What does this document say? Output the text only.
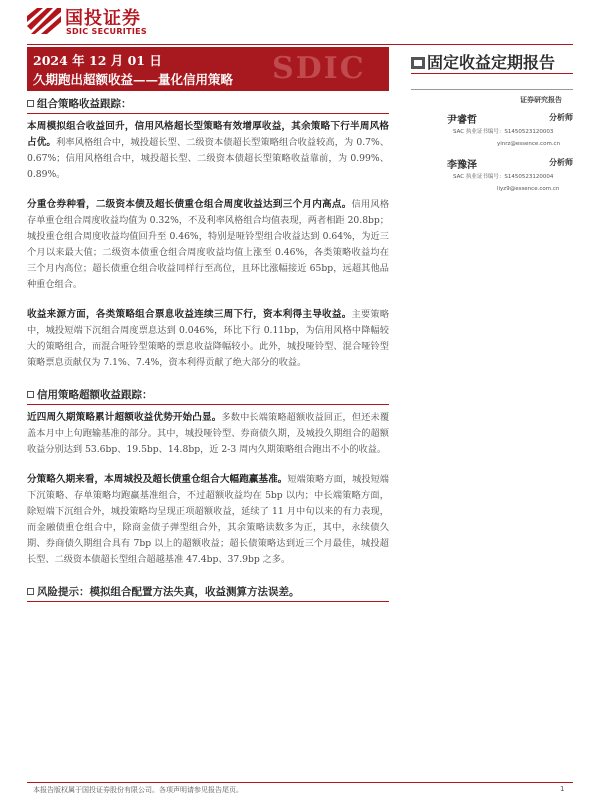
国投证券
SDIC SECURITIES
SDIC
2024 年 12 月 01 日
久期跑出超额收益——量化信用策略
固定收益定期报告
证券研究报告
尹睿哲	分析师
SAC 执业证书编号：S1450523120003
yinrz@essence.com.cn
李豫泽	分析师
SAC 执业证书编号：S1450523120004
liyz9@essence.com.cn
组合策略收益跟踪：

本周模拟组合收益回升，信用风格超长型策略有效增厚收益，其余策略下行半周风格占优。利率风格组合中，城投超长型、二级资本债超长型策略组合收益较高，为 0.7%、0.67%；信用风格组合中，城投超长型、二级资本债超长型策略收益靠前，为 0.99%、0.89%。

分重仓券种看，二级资本债及超长债重仓组合周度收益达到三个月内高点。信用风格存单重仓组合周度收益均值为 0.32%，不及利率风格组合均值表现，两者相距 20.8bp；城投重仓组合周度收益均值回升至 0.46%，特别是哑铃型组合收益达到 0.64%，为近三个月以来最大值；二级资本债重仓组合周度收益均值上涨至 0.46%，各类策略收益均在三个月内高位；超长债重仓组合收益同样行至高位，且环比涨幅接近 65bp，远超其他品种重仓组合。

收益来源方面，各类策略组合票息收益连续三周下行，资本利得主导收益。主要策略中，城投短端下沉组合周度票息达到 0.046%，环比下行 0.11bp，为信用风格中降幅较大的策略组合，而混合哑铃型策略的票息收益降幅较小。此外，城投哑铃型、混合哑铃型策略票息贡献仅为 7.1%、7.4%，资本利得贡献了绝大部分的收益。

信用策略超额收益跟踪：

近四周久期策略累计超额收益优势开始凸显。多数中长端策略超额收益回正，但还未覆盖本月中上旬跑输基准的部分。其中，城投哑铃型、券商债久期，及城投久期组合的超额收益分别达到 53.6bp、19.5bp、14.8bp，近 2-3 周内久期策略组合跑出不小的收益。

分策略久期来看，本周城投及超长债重仓组合大幅跑赢基准。短端策略方面，城投短端下沉策略、存单策略均跑赢基准组合，不过超额收益均在 5bp 以内；中长端策略方面，除短端下沉组合外，城投策略均呈现正项超额收益，延续了 11 月中旬以来的有力表现，而金融债重仓组合中，除商金债子弹型组合外，其余策略读数多为正，其中，永续债久期、券商债久期组合具有 7bp 以上的超额收益；超长债策略达到近三个月最佳，城投超长型、二级资本债超长型组合超越基准 47.4bp、37.9bp 之多。

风险提示：模拟组合配置方法失真，收益测算方法误差。
本报告版权属于国投证券股份有限公司。各项声明请参见报告尾页。	1
